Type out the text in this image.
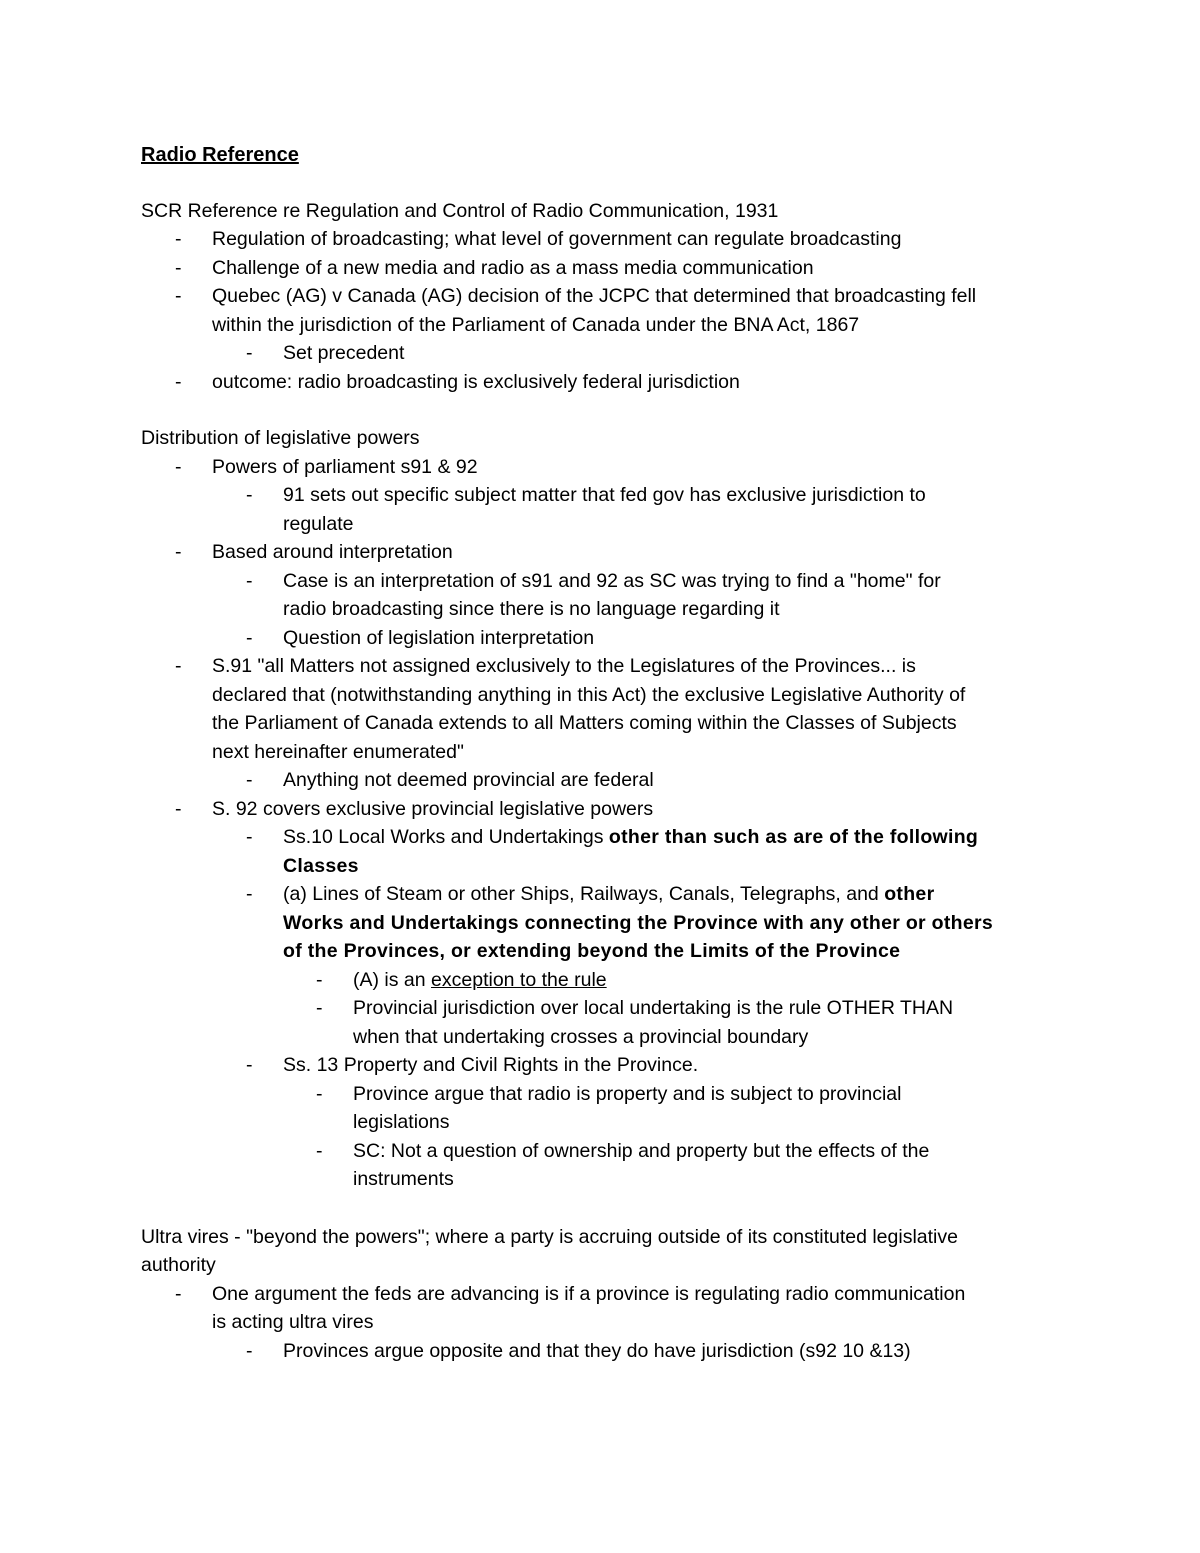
Radio Reference
SCR Reference re Regulation and Control of Radio Communication, 1931
- Regulation of broadcasting; what level of government can regulate broadcasting
- Challenge of a new media and radio as a mass media communication
- Quebec (AG) v Canada (AG) decision of the JCPC that determined that broadcasting fell
within the jurisdiction of the Parliament of Canada under the BNA Act, 1867
- Set precedent
- outcome: radio broadcasting is exclusively federal jurisdiction
Distribution of legislative powers
- Powers of parliament s91 & 92
- 91 sets out specific subject matter that fed gov has exclusive jurisdiction to
regulate
- Based around interpretation
- Case is an interpretation of s91 and 92 as SC was trying to find a "home" for
radio broadcasting since there is no language regarding it
- Question of legislation interpretation
- S.91 "all Matters not assigned exclusively to the Legislatures of the Provinces... is
declared that (notwithstanding anything in this Act) the exclusive Legislative Authority of
the Parliament of Canada extends to all Matters coming within the Classes of Subjects
next hereinafter enumerated"
- Anything not deemed provincial are federal
- S. 92 covers exclusive provincial legislative powers
- Ss.10 Local Works and Undertakings other than such as are of the following
Classes
- (a) Lines of Steam or other Ships, Railways, Canals, Telegraphs, and other
Works and Undertakings connecting the Province with any other or others
of the Provinces, or extending beyond the Limits of the Province
- (A) is an exception to the rule
- Provincial jurisdiction over local undertaking is the rule OTHER THAN
when that undertaking crosses a provincial boundary
- Ss. 13 Property and Civil Rights in the Province.
- Province argue that radio is property and is subject to provincial
legislations
- SC: Not a question of ownership and property but the effects of the
instruments
Ultra vires - "beyond the powers"; where a party is accruing outside of its constituted legislative
authority
- One argument the feds are advancing is if a province is regulating radio communication
is acting ultra vires
- Provinces argue opposite and that they do have jurisdiction (s92 10 &13)
